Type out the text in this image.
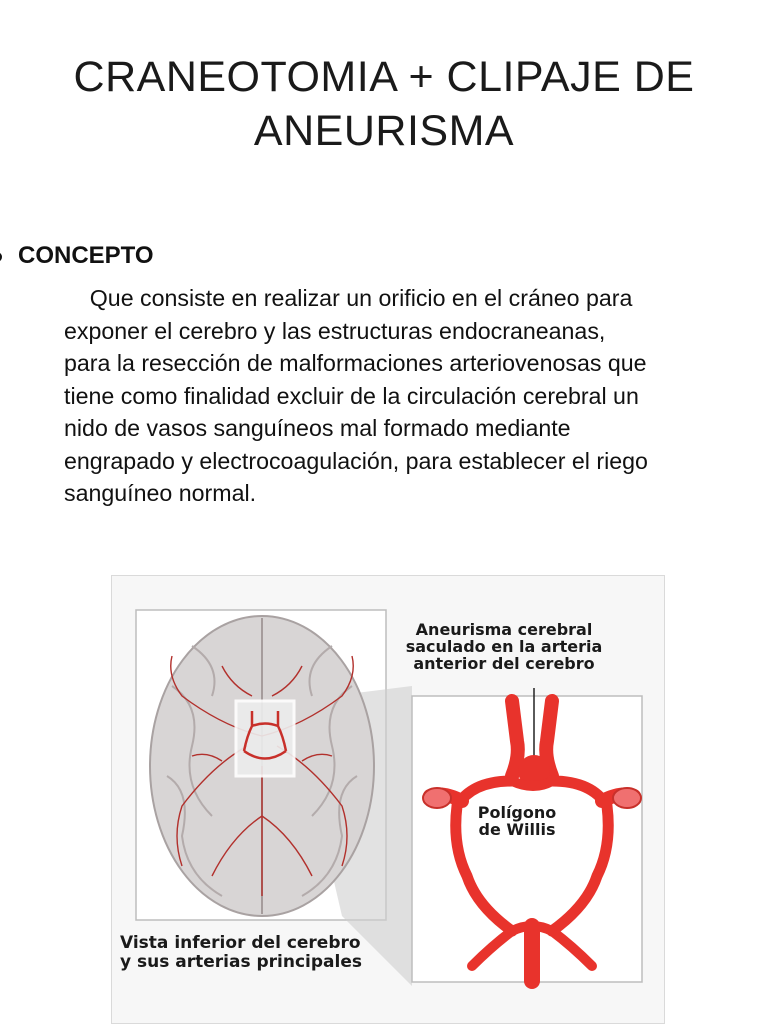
CRANEOTOMIA + CLIPAJE DE
ANEURISMA
CONCEPTO
Que consiste en realizar un orificio en el cráneo para
exponer el cerebro y las estructuras endocraneanas,
para la resección de malformaciones arteriovenosas que
tiene como finalidad excluir de la circulación cerebral un
nido de vasos sanguíneos mal formado mediante
engrapado y electrocoagulación, para establecer el riego
sanguíneo normal.
Aneurisma cerebral
saculado en la arteria
anterior del cerebro
Polígono
de Willis
Vista inferior del cerebro
y sus arterias principales
